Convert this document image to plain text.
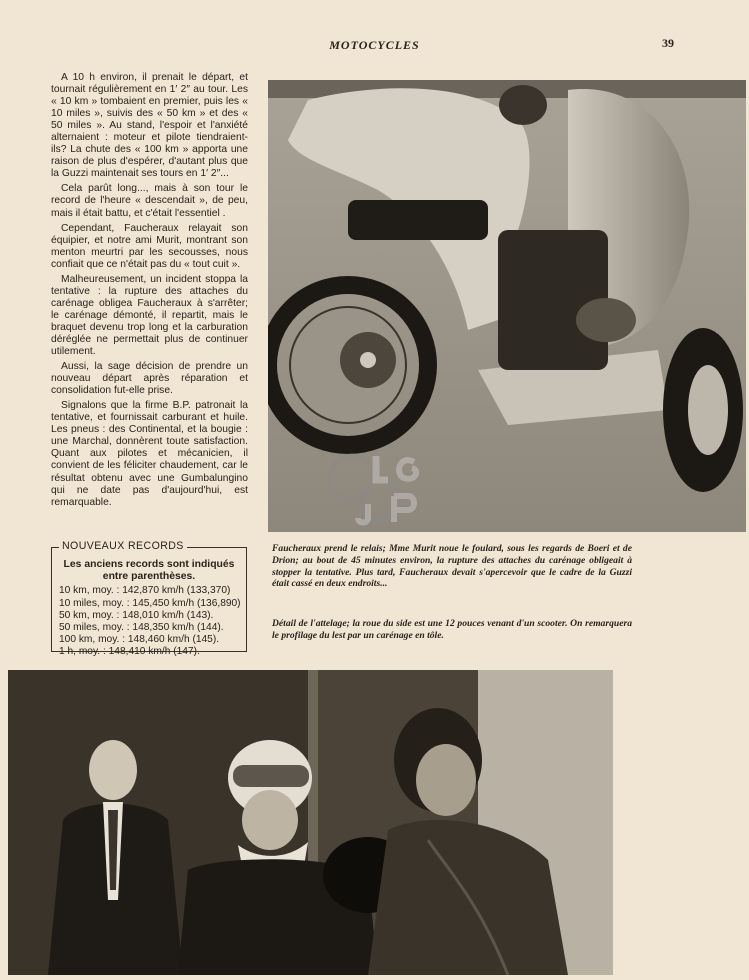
MOTOCYCLES	39

A 10 h environ, il prenait le départ, et tournait régulièrement en 1′ 2″ au tour. Les « 10 km » tombaient en premier, puis les « 10 miles », suivis des « 50 km » et des « 50 miles ». Au stand, l'espoir et l'anxiété alternaient : moteur et pilote tiendraient-ils? La chute des « 100 km » apporta une raison de plus d'espérer, d'autant plus que la Guzzi maintenait ses tours en 1′ 2″...

Cela parût long..., mais à son tour le record de l'heure « descendait », de peu, mais il était battu, et c'était l'essentiel .

Cependant, Faucheraux relayait son équipier, et notre ami Murit, montrant son menton meurtri par les secousses, nous confiait que ce n'était pas du « tout cuit ».

Malheureusement, un incident stoppa la tentative : la rupture des attaches du carénage obligea Faucheraux à s'arrêter; le carénage démonté, il repartit, mais le braquet devenu trop long et la carburation déréglée ne permettait plus de continuer utilement.

Aussi, la sage décision de prendre un nouveau départ après réparation et consolidation fut-elle prise.

Signalons que la firme B.P. patronait la tentative, et fournissait carburant et huile. Les pneus : des Continental, et la bougie : une Marchal, donnèrent toute satisfaction. Quant aux pilotes et mécanicien, il convient de les féliciter chaudement, car le résultat obtenu avec une Gumbalungino qui ne date pas d'aujourd'hui, est remarquable.

NOUVEAUX RECORDS
Les anciens records sont indiqués entre parenthèses.
10 km, moy. : 142,870 km/h (133,370)
10 miles, moy. : 145,450 km/h (136,890)
50 km, moy. : 148,010 km/h (143).
50 miles, moy. : 148,350 km/h (144).
100 km, moy. : 148,460 km/h (145).
1 h, moy. : 148,410 km/h (147).
Faucheraux prend le relais; Mme Murit noue le foulard, sous les regards de Boeri et de Drion; au bout de 45 minutes environ, la rupture des attaches du carénage obligeait à stopper la tentative. Plus tard, Faucheraux devait s'apercevoir que le cadre de la Guzzi était cassé en deux endroits...
Détail de l'attelage; la roue du side est une 12 pouces venant d'un scooter. On remarquera le profilage du lest par un carénage en tôle.
